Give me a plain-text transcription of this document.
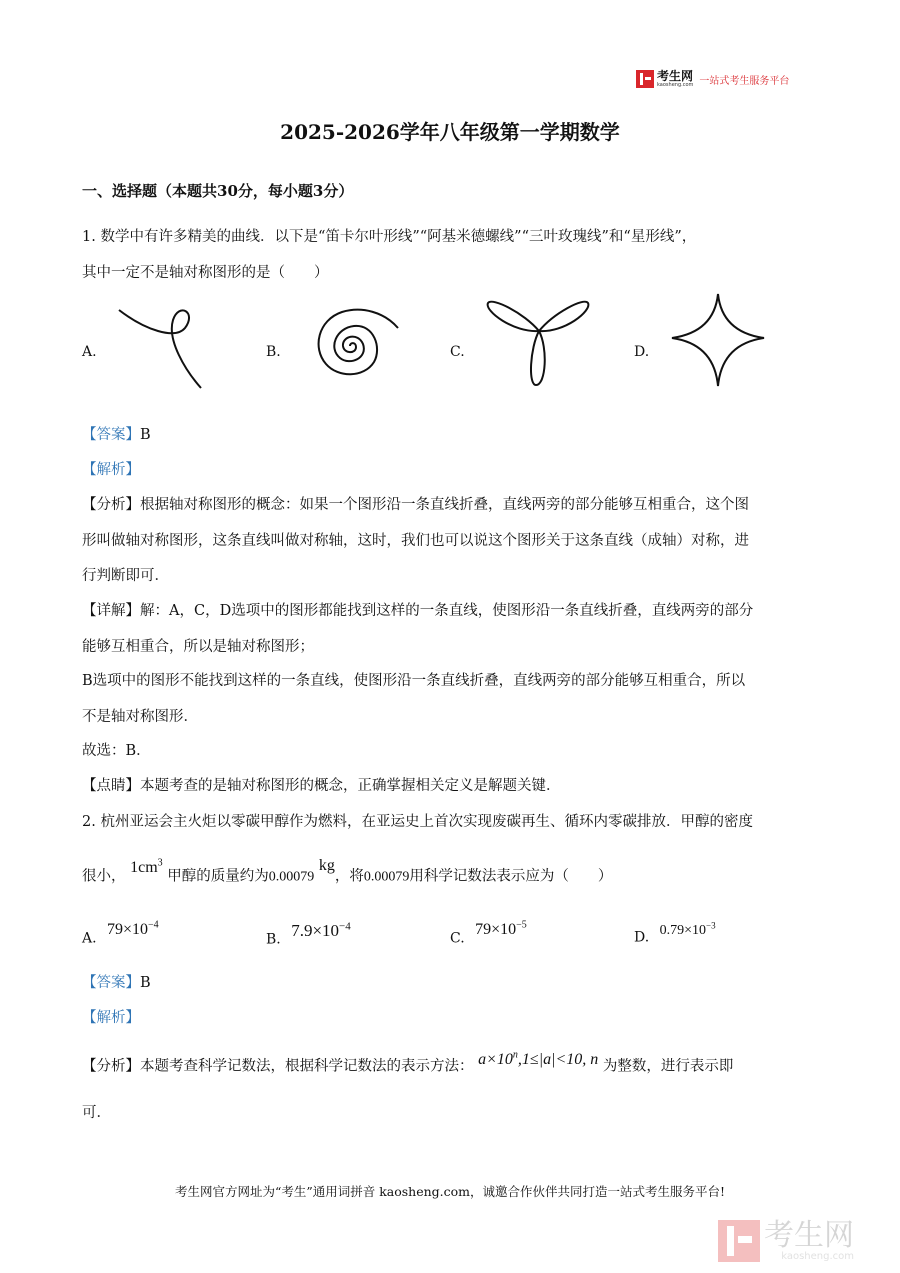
考生网
kaosheng.com 一站式考生服务平台
2025-2026学年八年级第一学期数学
一、选择题（本题共30分，每小题3分）
1. 数学中有许多精美的曲线．以下是“笛卡尔叶形线”“阿基米德螺线”“三叶玫瑰线”和“星形线”，
其中一定不是轴对称图形的是（　　）
A.	B.	C.	D.
【答案】B
【解析】
【分析】根据轴对称图形的概念：如果一个图形沿一条直线折叠，直线两旁的部分能够互相重合，这个图
形叫做轴对称图形，这条直线叫做对称轴，这时，我们也可以说这个图形关于这条直线（成轴）对称，进
行判断即可．
【详解】解：A，C，D选项中的图形都能找到这样的一条直线，使图形沿一条直线折叠，直线两旁的部分
能够互相重合，所以是轴对称图形；
B选项中的图形不能找到这样的一条直线，使图形沿一条直线折叠，直线两旁的部分能够互相重合，所以
不是轴对称图形．
故选：B．
【点睛】本题考查的是轴对称图形的概念，正确掌握相关定义是解题关键．
2. 杭州亚运会主火炬以零碳甲醇作为燃料，在亚运史上首次实现废碳再生、循环内零碳排放．甲醇的密度
很小， $1cm^3$ 甲醇的质量约为0.00079 kg，将0.00079用科学记数法表示应为（　　）
A. $79\times 10^{-4}$
B. $7.9\times 10^{-4}$
C. $79\times 10^{-5}$
D. $0.79\times 10^{-3}$
【答案】B
【解析】
【分析】本题考查科学记数法，根据科学记数法的表示方法： $a\times 10^n,1\le|a|<10$, n 为整数，进行表示即
可．
考生网官方网址为“考生”通用词拼音 kaosheng.com，诚邀合作伙伴共同打造一站式考生服务平台!
考生网
kaosheng.com
